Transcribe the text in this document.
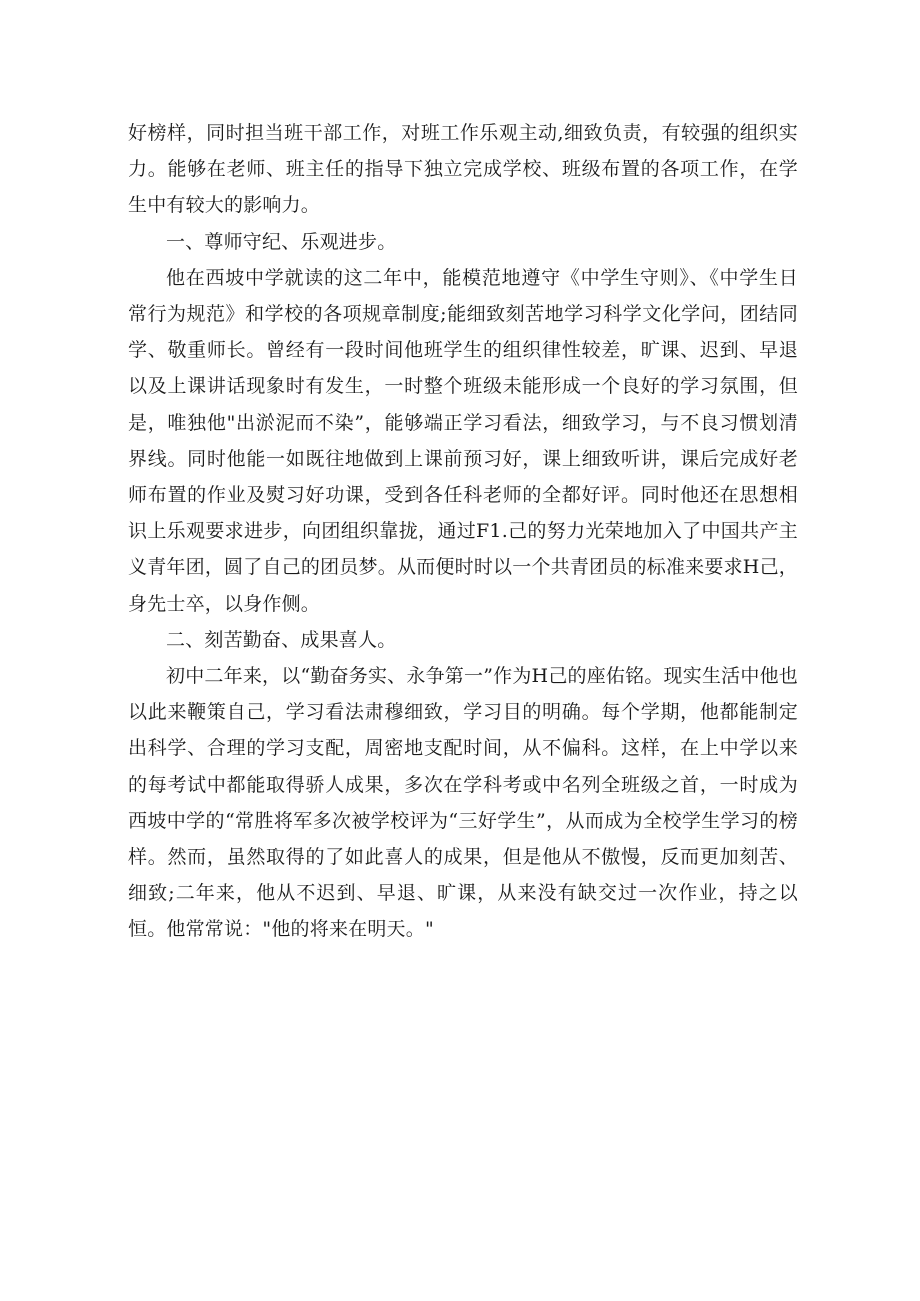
好榜样，同时担当班干部工作，对班工作乐观主动,细致负责，有较强的组织实力。能够在老师、班主任的指导下独立完成学校、班级布置的各项工作，在学生中有较大的影响力。

一、尊师守纪、乐观进步。

他在西坡中学就读的这二年中，能模范地遵守《中学生守则》、《中学生日常行为规范》和学校的各项规章制度;能细致刻苦地学习科学文化学问，团结同学、敬重师长。曾经有一段时间他班学生的组织律性较差，旷课、迟到、早退以及上课讲话现象时有发生，一时整个班级未能形成一个良好的学习氛围，但是，唯独他"出淤泥而不染”，能够端正学习看法，细致学习，与不良习惯划清界线。同时他能一如既往地做到上课前预习好，课上细致听讲，课后完成好老师布置的作业及熨习好功课，受到各任科老师的全都好评。同时他还在思想相识上乐观要求进步，向团组织靠拢，通过F1.己的努力光荣地加入了中国共产主义青年团，圆了自己的团员梦。从而便时时以一个共青团员的标准来要求H己，身先士卒，以身作侧。

二、刻苦勤奋、成果喜人。

初中二年来，以“勤奋务实、永争第一”作为H己的座佑铭。现实生活中他也以此来鞭策自己，学习看法肃穆细致，学习目的明确。每个学期，他都能制定出科学、合理的学习支配，周密地支配时间，从不偏科。这样，在上中学以来的每考试中都能取得骄人成果，多次在学科考或中名列全班级之首，一时成为西坡中学的“常胜将军多次被学校评为“三好学生”，从而成为全校学生学习的榜样。然而，虽然取得的了如此喜人的成果，但是他从不傲慢，反而更加刻苦、细致;二年来，他从不迟到、早退、旷课，从来没有缺交过一次作业，持之以恒。他常常说："他的将来在明天。"
